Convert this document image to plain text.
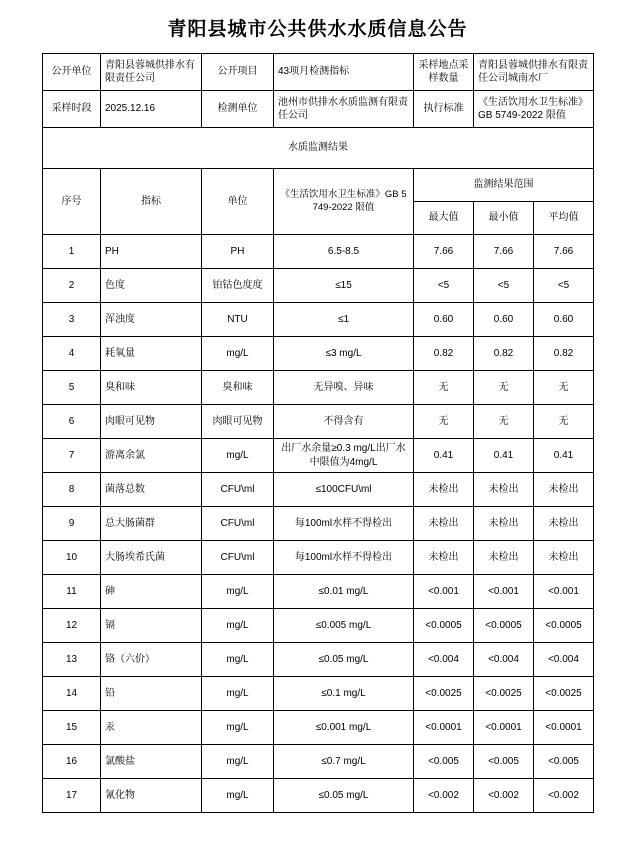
青阳县城市公共供水水质信息公告
公开单位	青阳县蓉城供排水有限责任公司	公开项目	43项月检测指标	采样地点采样数量	青阳县蓉城供排水有限责任公司城南水厂	
采样时段	2025.12.16	检测单位	池州市供排水水质监测有限责任公司	执行标准	《生活饮用水卫生标准》GB 5749-2022 限值	
水质监测结果						
序号	指标	单位	《生活饮用水卫生标准》GB 5749-2022 限值	监测结果范围		
				最大值	最小值	平均值
1	PH	PH	6.5-8.5	7.66	7.66	7.66
2	色度	铂钴色度度	≤15	<5	<5	<5
3	浑浊度	NTU	≤1	0.60	0.60	0.60
4	耗氧量	mg/L	≤3 mg/L	0.82	0.82	0.82
5	臭和味	臭和味	无异嗅、异味	无	无	无
6	肉眼可见物	肉眼可见物	不得含有	无	无	无
7	游离余氯	mg/L	出厂水余量≥0.3 mg/L出厂水中限值为4mg/L	0.41	0.41	0.41
8	菌落总数	CFU\ml	≤100CFU\ml	未检出	未检出	未检出
9	总大肠菌群	CFU\ml	每100ml水样不得检出	未检出	未检出	未检出
10	大肠埃希氏菌	CFU\ml	每100ml水样不得检出	未检出	未检出	未检出
11	砷	mg/L	≤0.01 mg/L	<0.001	<0.001	<0.001
12	镉	mg/L	≤0.005 mg/L	<0.0005	<0.0005	<0.0005
13	铬（六价）	mg/L	≤0.05 mg/L	<0.004	<0.004	<0.004
14	铅	mg/L	≤0.1 mg/L	<0.0025	<0.0025	<0.0025
15	汞	mg/L	≤0.001 mg/L	<0.0001	<0.0001	<0.0001
16	氯酸盐	mg/L	≤0.7 mg/L	<0.005	<0.005	<0.005
17	氰化物	mg/L	≤0.05 mg/L	<0.002	<0.002	<0.002
